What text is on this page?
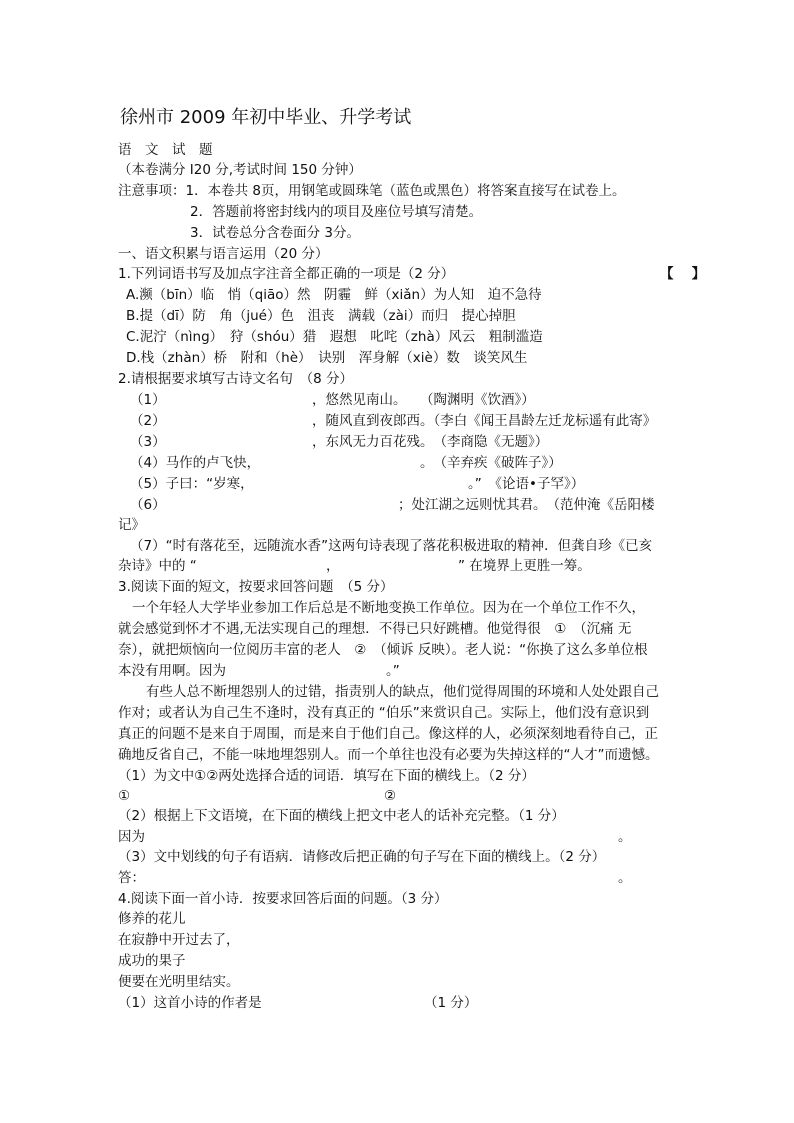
徐州市 2009 年初中毕业、升学考试
语　文　试　题
（本卷满分 I20 分,考试时间 150 分钟）
注意事项：1．本卷共 8页，用钢笔或圆珠笔（蓝色或黑色）将答案直接写在试卷上。
2．答题前将密封线内的项目及座位号填写清楚。
3．试卷总分含卷面分 3分。
一、语文积累与语言运用（20 分）
1.下列词语书写及加点字注音全都正确的一项是（2 分）	【　 】
A.濒（bīn）临　悄（qiāo）然　阴霾　鲜（xiǎn）为人知　迫不急待
B.提（dī）防　角（jué）色　沮丧　满载（zài）而归　提心掉胆
C.泥泞（nìng）　狩（shóu）猎　遐想　叱咤（zhà）风云　粗制滥造
D.栈（zhàn）桥　附和（hè）　诀别　浑身解（xiè）数　谈笑风生
2.请根据要求填写古诗文名句　（8 分）
（1）	，悠然见南山。　　（陶渊明《饮酒》）
（2）	，随风直到夜郎西。（李白《闻王昌龄左迁龙标遥有此寄》
（3）	，东风无力百花残。　（李商隐《无题》）
（4）马作的卢飞快，	。　（辛弃疾《破阵子》）
（5）子曰：“岁寒，	。”　《论语•子罕》）
（6）	；处江湖之远则忧其君。　（范仲淹《岳阳楼
记》
（7）“时有落花至，远随流水香”这两句诗表现了落花积极进取的精神．但龚自珍《已亥
杂诗》中的 “	，	” 在境界上更胜一筹。
3.阅读下面的短文，按要求回答问题　（5 分）
一个年轻人大学毕业参加工作后总是不断地变换工作单位。因为在一个单位工作不久，
就会感觉到怀才不遇,无法实现自己的理想．不得已只好跳槽。他觉得很　①　（沉痛 无
奈），就把烦恼向一位阅历丰富的老人　②　（倾诉 反映）。老人说：“你换了这么多单位根
本没有用啊。因为	。”
有些人总不断埋怨别人的过错，指责别人的缺点，他们觉得周围的环境和人处处跟自己
作对；或者认为自己生不逢时，没有真正的 “伯乐”来赏识自己。实际上，他们没有意识到
真正的问题不是来自于周围，而是来自于他们自己。像这样的人，必须深刻地看待自己，正
确地反省自己，不能一味地埋怨别人。而一个单往也没有必要为失掉这样的“人才”而遗憾。
（1）为文中①②两处选择合适的词语．填写在下面的横线上。（2 分）
①	②
（2）根据上下文语境，在下面的横线上把文中老人的话补充完整。（1 分）
因为	。
（3）文中划线的句子有语病．请修改后把正确的句子写在下面的横线上。（2 分）
答：	。
4.阅读下面一首小诗．按要求回答后面的问题。（3 分）
修养的花儿
在寂静中开过去了，
成功的果子
便要在光明里结实。
（1）这首小诗的作者是	（1 分）
